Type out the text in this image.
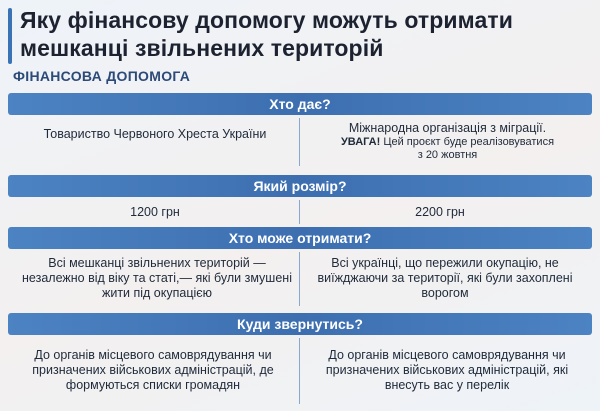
Яку фінансову допомогу можуть отримати мешканці звільнених територій
ФІНАНСОВА ДОПОМОГА
Хто дає?
Товариство Червоного Хреста України	Міжнародна організація з міграції.
УВАГА! Цей проєкт буде реалізовуватися
з 20 жовтня
Який розмір?
1200 грн	2200 грн
Хто може отримати?
Всі мешканці звільнених територій — незалежно від віку та статі,— які були змушені жити під окупацією
Всі українці, що пережили окупацію, не виїжджаючи за території, які були захоплені ворогом
Куди звернутись?
До органів місцевого самоврядування чи призначених військових адміністрацій, де формуються списки громадян
До органів місцевого самоврядування чи призначених військових адміністрацій, які внесуть вас у перелік
